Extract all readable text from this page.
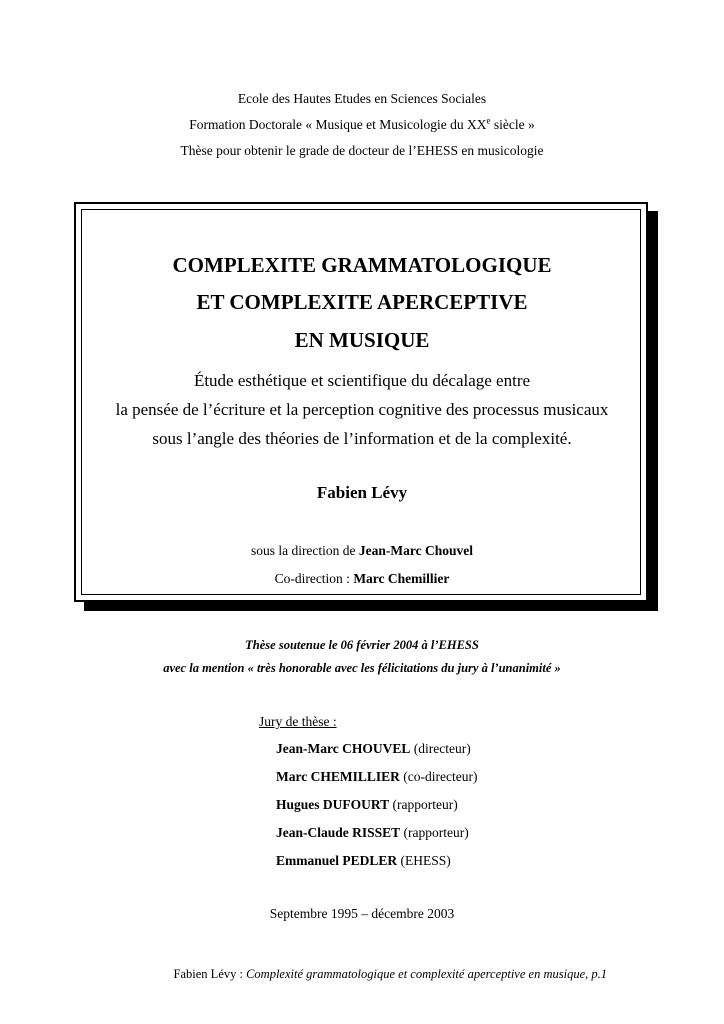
Ecole des Hautes Etudes en Sciences Sociales
Formation Doctorale « Musique et Musicologie du XXe siècle »
Thèse pour obtenir le grade de docteur de l’EHESS en musicologie
COMPLEXITE GRAMMATOLOGIQUE
ET COMPLEXITE APERCEPTIVE
EN MUSIQUE
Étude esthétique et scientifique du décalage entre
la pensée de l’écriture et la perception cognitive des processus musicaux
sous l’angle des théories de l’information et de la complexité.
Fabien Lévy
sous la direction de Jean-Marc Chouvel
Co-direction : Marc Chemillier
Thèse soutenue le 06 février 2004 à l’EHESS
avec la mention « très honorable avec les félicitations du jury à l’unanimité »
Jury de thèse :
Jean-Marc CHOUVEL (directeur)
Marc CHEMILLIER (co-directeur)
Hugues DUFOURT (rapporteur)
Jean-Claude RISSET (rapporteur)
Emmanuel PEDLER (EHESS)
Septembre 1995 – décembre 2003
Fabien Lévy : Complexité grammatologique et complexité aperceptive en musique, p.1
